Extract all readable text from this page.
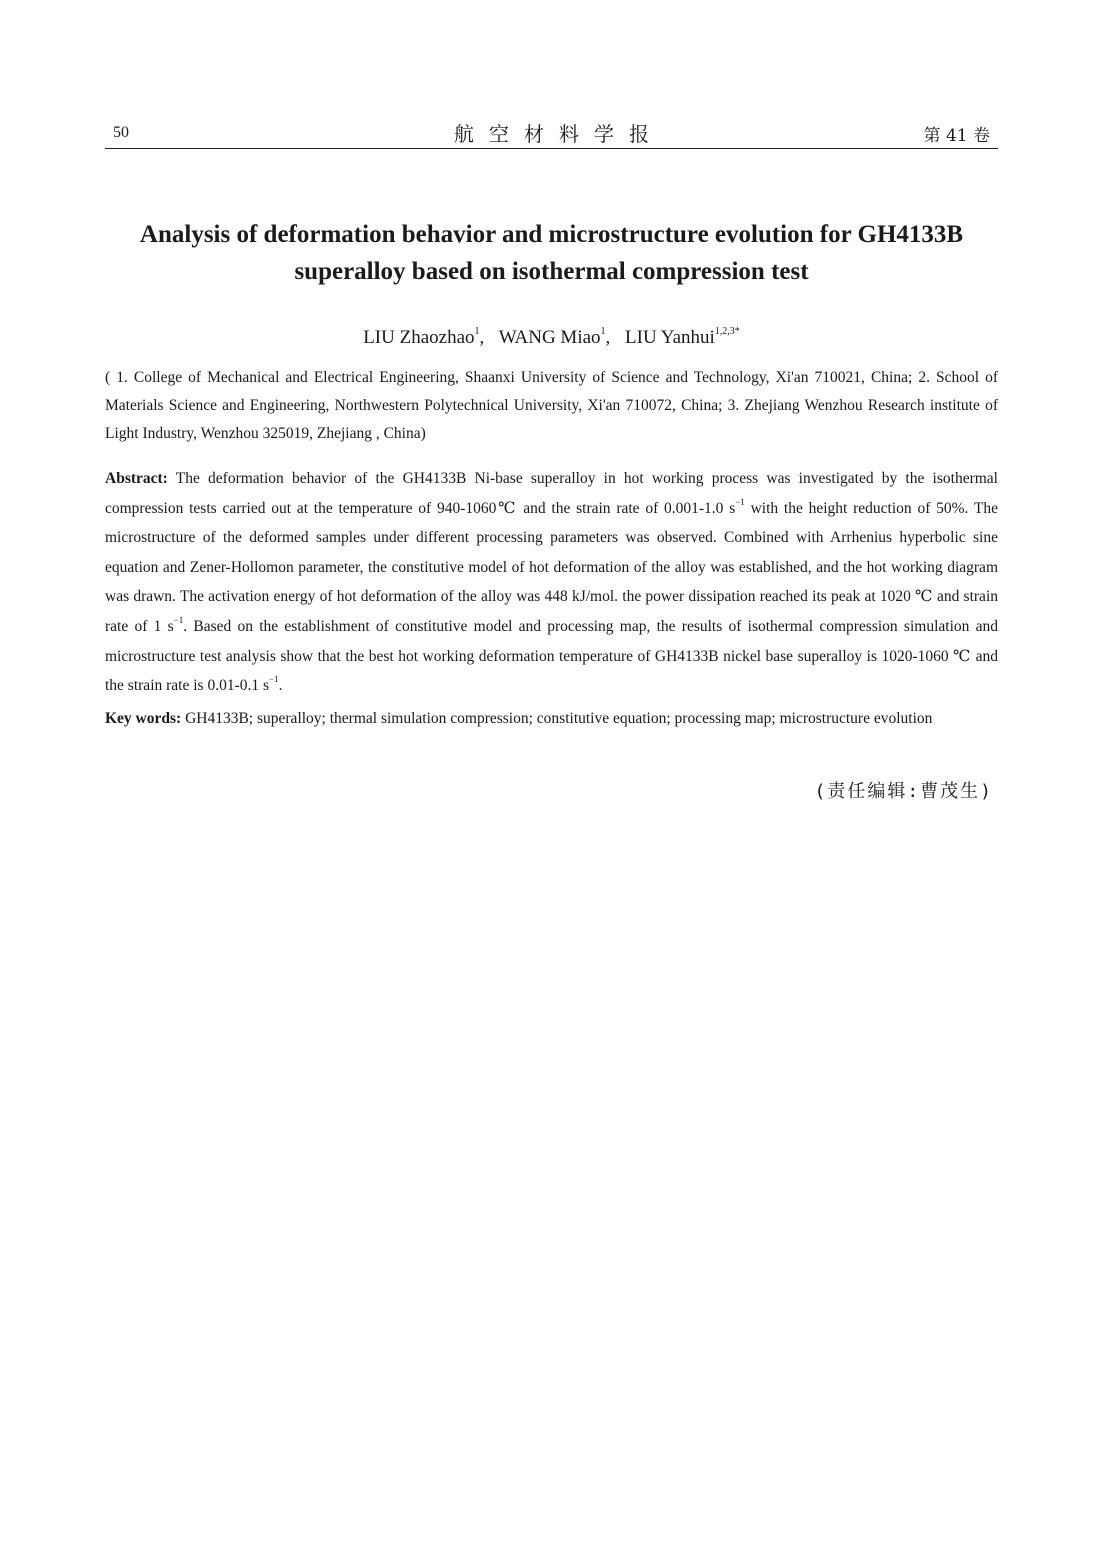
50	航空材料学报	第 41 卷
Analysis of deformation behavior and microstructure evolution for GH4133B
superalloy based on isothermal compression test
LIU Zhaozhao$^1$, WANG Miao$^1$, LIU Yanhui$^{1,2,3*}$
( 1. College of Mechanical and Electrical Engineering, Shaanxi University of Science and Technology, Xi'an 710021, China; 2. School of Materials Science and Engineering, Northwestern Polytechnical University, Xi'an 710072, China; 3. Zhejiang Wenzhou Research institute of Light Industry, Wenzhou 325019, Zhejiang , China)
Abstract: The deformation behavior of the GH4133B Ni-base superalloy in hot working process was investigated by the isothermal compression tests carried out at the temperature of 940-1060℃ and the strain rate of 0.001-1.0 $s^{-1}$ with the height reduction of 50%. The microstructure of the deformed samples under different processing parameters was observed. Combined with Arrhenius hyperbolic sine equation and Zener-Hollomon parameter, the constitutive model of hot deformation of the alloy was established, and the hot working diagram was drawn. The activation energy of hot deformation of the alloy was 448 kJ/mol. the power dissipation reached its peak at 1020 ℃ and strain rate of 1 $s^{-1}$. Based on the establishment of constitutive model and processing map, the results of isothermal compression simulation and microstructure test analysis show that the best hot working deformation temperature of GH4133B nickel base superalloy is 1020-1060 ℃ and the strain rate is 0.01-0.1 $s^{-1}$.
Key words: GH4133B; superalloy; thermal simulation compression; constitutive equation; processing map; microstructure evolution
(责任编辑:曹茂生)
